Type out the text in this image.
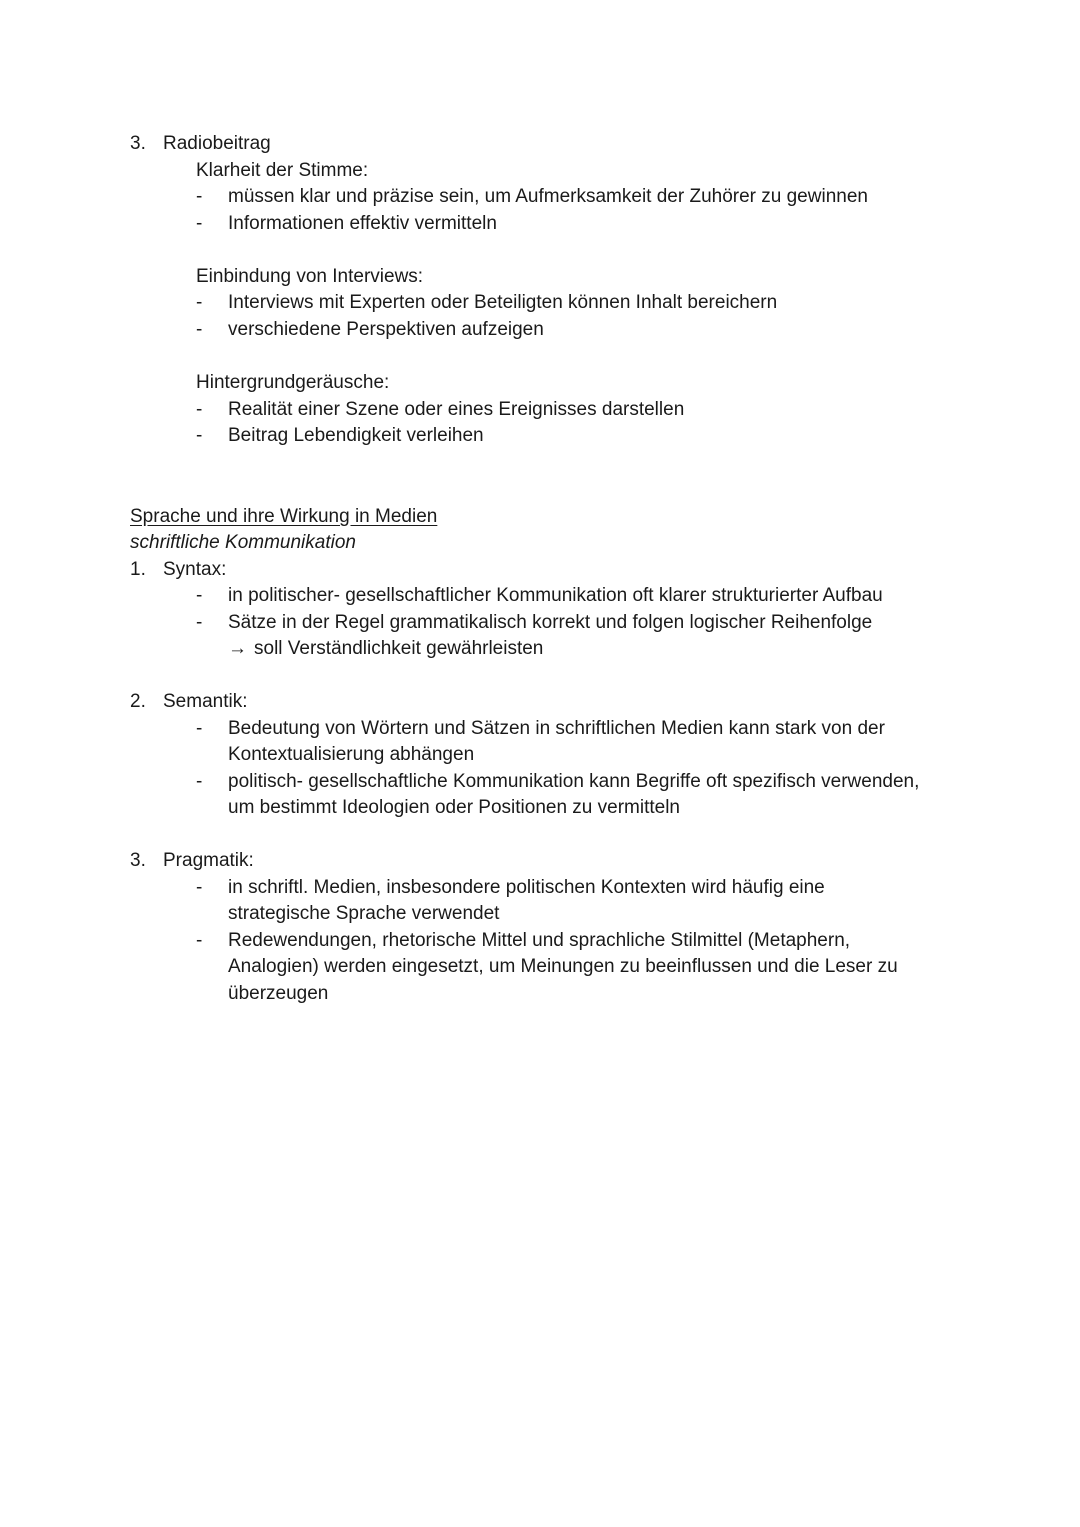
3. Radiobeitrag
Klarheit der Stimme:
- müssen klar und präzise sein, um Aufmerksamkeit der Zuhörer zu gewinnen
- Informationen effektiv vermitteln
Einbindung von Interviews:
- Interviews mit Experten oder Beteiligten können Inhalt bereichern
- verschiedene Perspektiven aufzeigen
Hintergrundgeräusche:
- Realität einer Szene oder eines Ereignisses darstellen
- Beitrag Lebendigkeit verleihen
Sprache und ihre Wirkung in Medien
schriftliche Kommunikation
1. Syntax:
- in politischer- gesellschaftlicher Kommunikation oft klarer strukturierter Aufbau
- Sätze in der Regel grammatikalisch korrekt und folgen logischer Reihenfolge
→ soll Verständlichkeit gewährleisten
2. Semantik:
- Bedeutung von Wörtern und Sätzen in schriftlichen Medien kann stark von der
Kontextualisierung abhängen
- politisch- gesellschaftliche Kommunikation kann Begriffe oft spezifisch verwenden,
um bestimmt Ideologien oder Positionen zu vermitteln
3. Pragmatik:
- in schriftl. Medien, insbesondere politischen Kontexten wird häufig eine
strategische Sprache verwendet
- Redewendungen, rhetorische Mittel und sprachliche Stilmittel (Metaphern,
Analogien) werden eingesetzt, um Meinungen zu beeinflussen und die Leser zu
überzeugen
